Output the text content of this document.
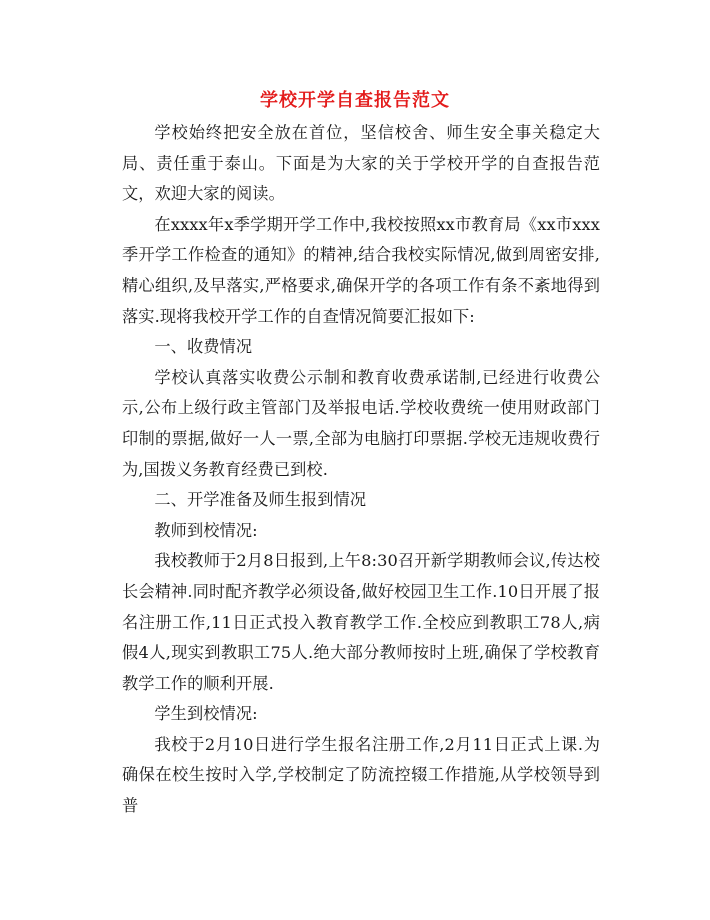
学校开学自查报告范文

学校始终把安全放在首位，坚信校舍、师生安全事关稳定大局、责任重于泰山。下面是为大家的关于学校开学的自查报告范文，欢迎大家的阅读。

在xxxx年x季学期开学工作中,我校按照xx市教育局《xx市xxx季开学工作检查的通知》的精神,结合我校实际情况,做到周密安排,精心组织,及早落实,严格要求,确保开学的各项工作有条不紊地得到落实.现将我校开学工作的自查情况简要汇报如下:

一、收费情况

学校认真落实收费公示制和教育收费承诺制,已经进行收费公示,公布上级行政主管部门及举报电话.学校收费统一使用财政部门印制的票据,做好一人一票,全部为电脑打印票据.学校无违规收费行为,国拨义务教育经费已到校.

二、开学准备及师生报到情况

教师到校情况:

我校教师于2月8日报到,上午8:30召开新学期教师会议,传达校长会精神.同时配齐教学必须设备,做好校园卫生工作.10日开展了报名注册工作,11日正式投入教育教学工作.全校应到教职工78人,病假4人,现实到教职工75人.绝大部分教师按时上班,确保了学校教育教学工作的顺利开展.

学生到校情况:

我校于2月10日进行学生报名注册工作,2月11日正式上课.为确保在校生按时入学,学校制定了防流控辍工作措施,从学校领导到普
